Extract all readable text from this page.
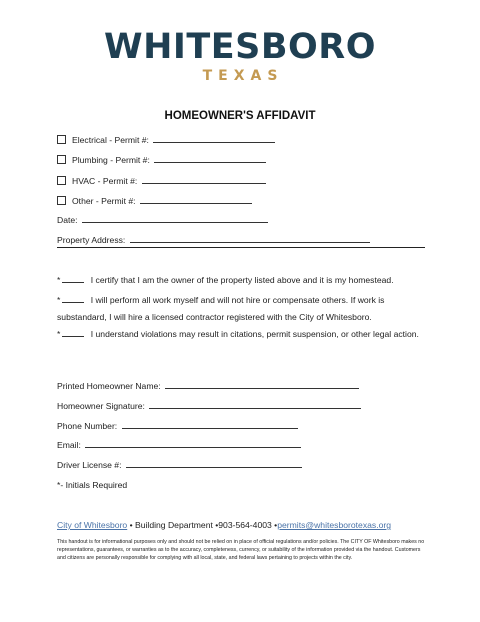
WHITESBORO
TEXAS
HOMEOWNER'S AFFIDAVIT
Electrical - Permit #:
Plumbing - Permit #:
HVAC - Permit #:
Other - Permit #:
Date:
Property Address:
*	I certify that I am the owner of the property listed above and it is my homestead.
*	I will perform all work myself and will not hire or compensate others. If work is substandard, I will hire a licensed contractor registered with the City of Whitesboro.
*	I understand violations may result in citations, permit suspension, or other legal action.
Printed Homeowner Name:
Homeowner Signature:
Phone Number:
Email:
Driver License #:
*- Initials Required
City of Whitesboro • Building Department •903-564-4003 •permits@whitesborotexas.org
This handout is for informational purposes only and should not be relied on in place of official regulations and/or policies. The CITY OF Whitesboro makes no representations, guarantees, or warranties as to the accuracy, completeness, currency, or suitability of the information provided via the handout. Customers and citizens are personally responsible for complying with all local, state, and federal laws pertaining to projects within the city.
